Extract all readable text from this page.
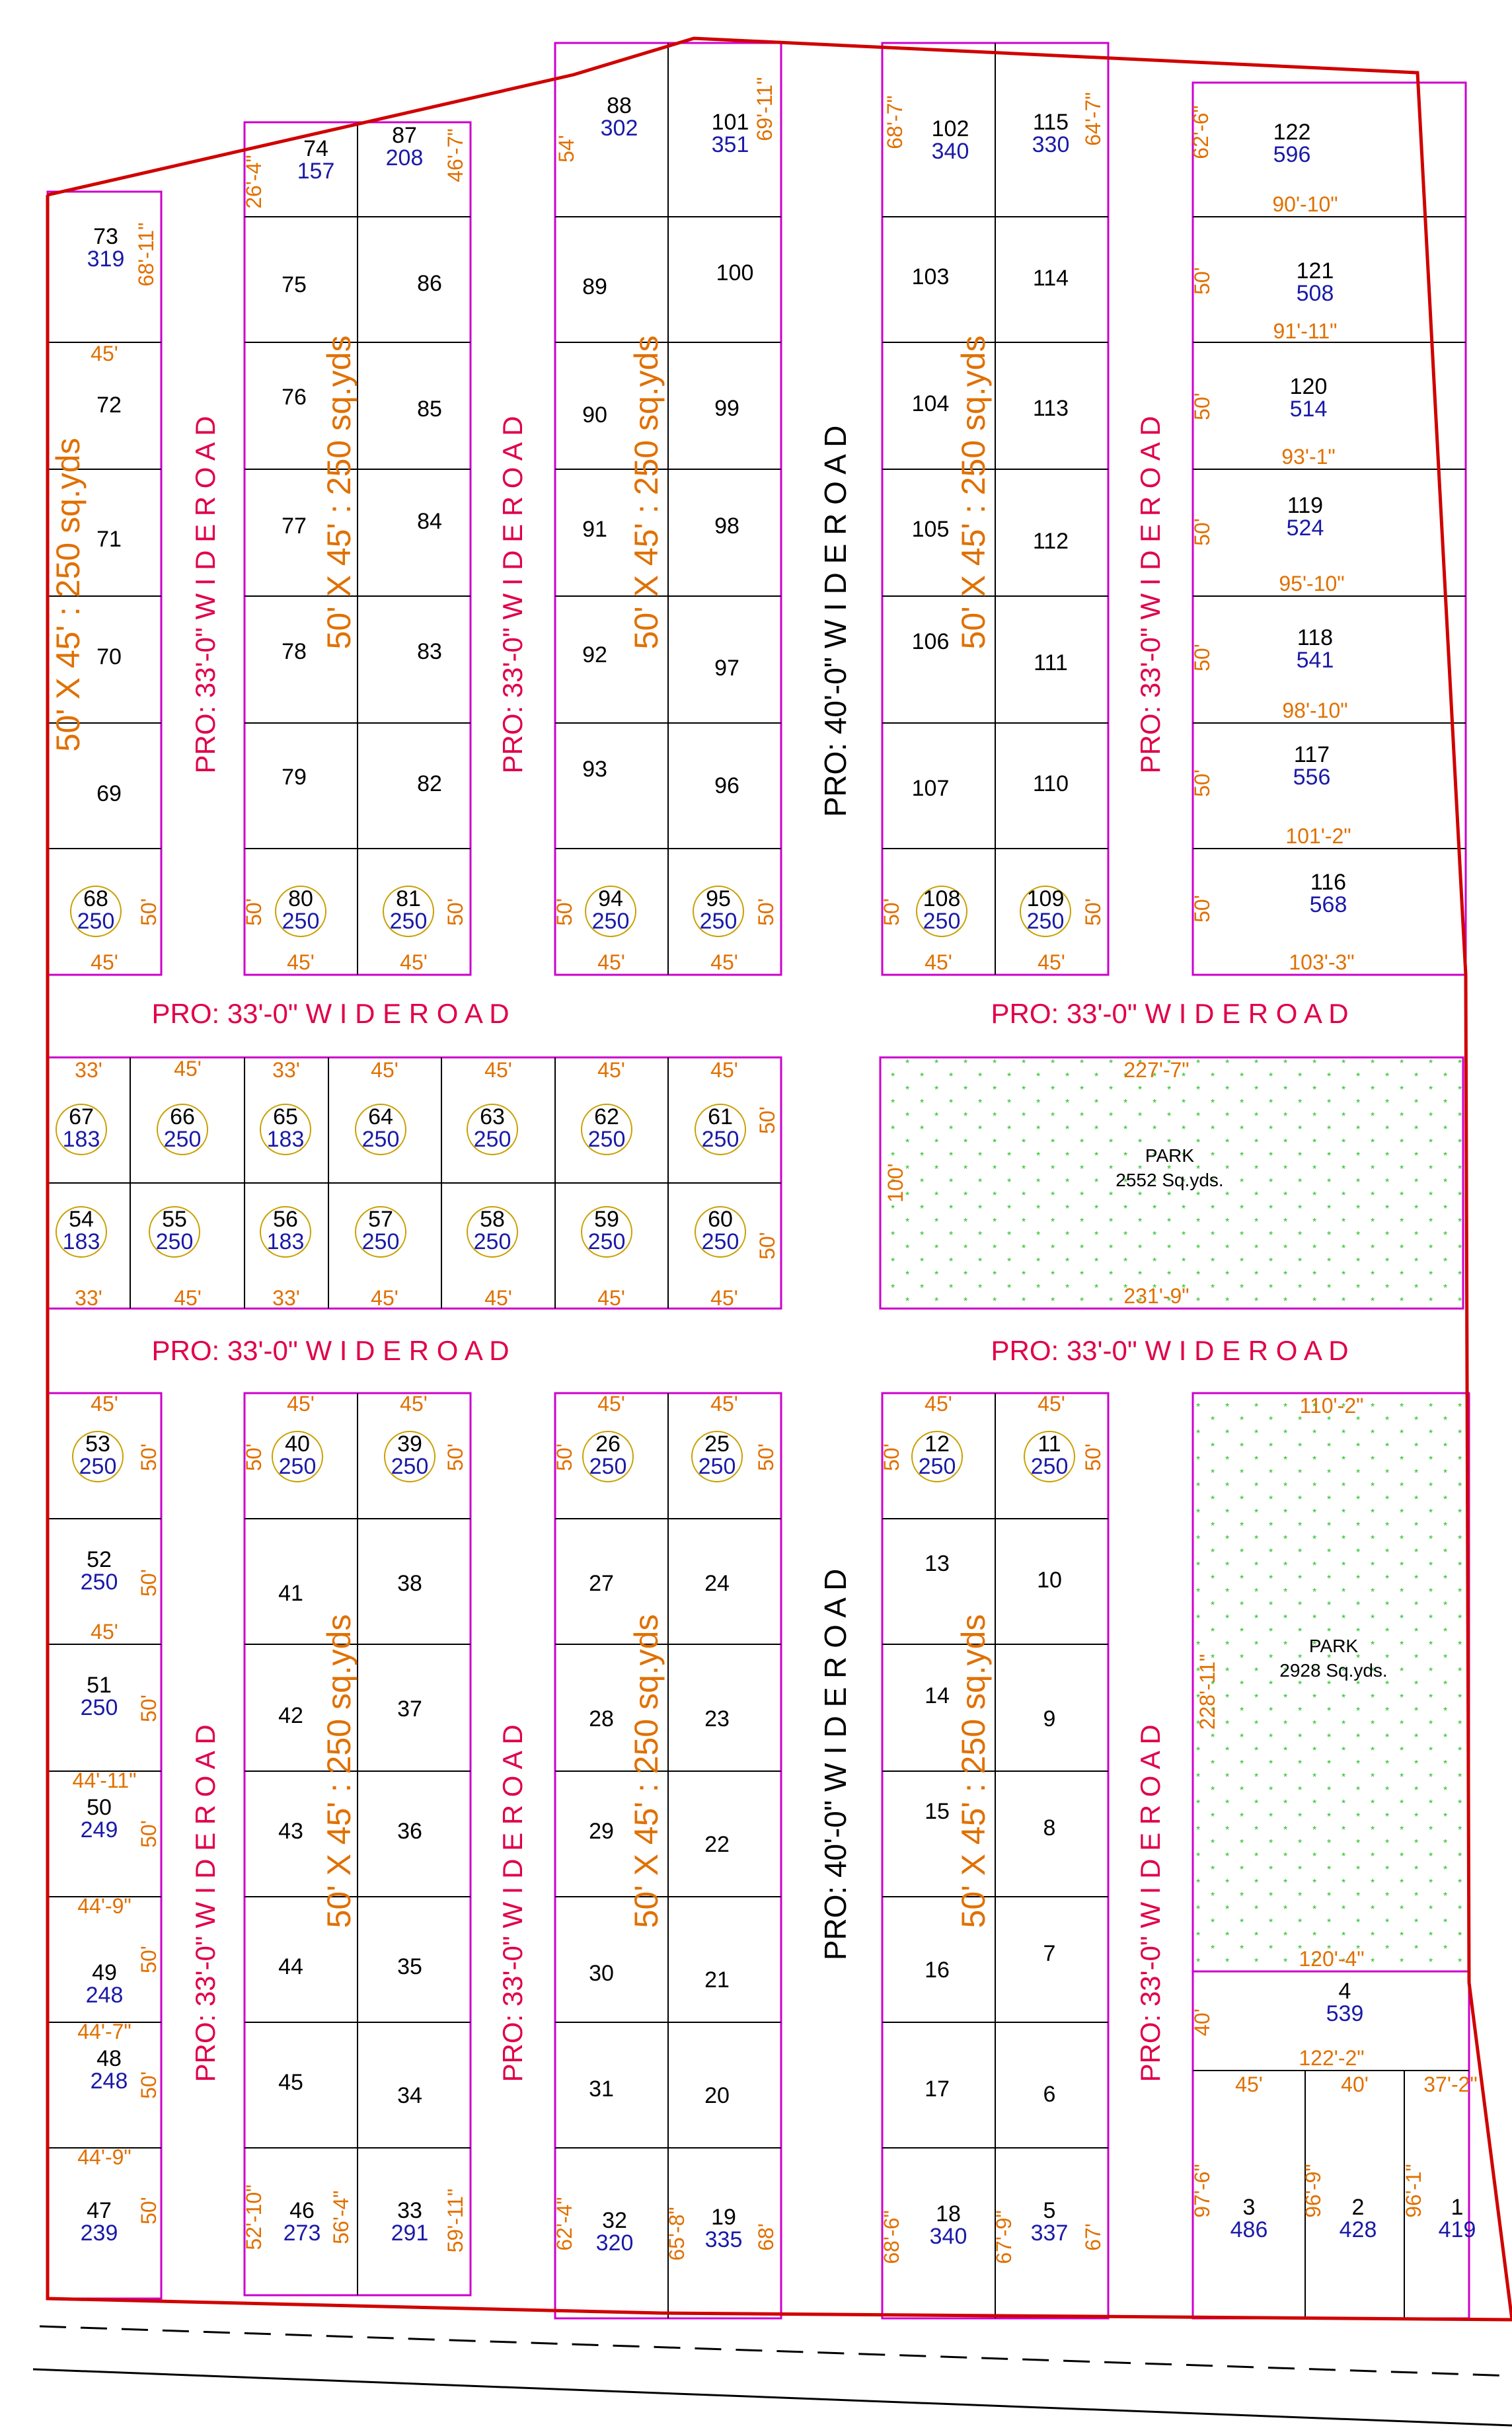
PARK
2552 Sq.yds.
227'-7"
231'-9"
100'
PARK
2928 Sq.yds.
110'-2"
120'-4"
228'-11"
PRO: 33'-0" W I D E R O A D	PRO: 33'-0" W I D E R O A D	PRO: 33'-0" W I D E R O A D
PRO: 33'-0" W I D E R O A D	PRO: 33'-0" W I D E R O A D
PRO: 33'-0" W I D E R O A D	PRO: 33'-0" W I D E R O A D
PRO: 33'-0" W I D E R O A D	PRO: 33'-0" W I D E R O A D	PRO: 33'-0" W I D E R O A D
PRO: 40'-0" W I D E R O A D
PRO: 40'-0" W I D E R O A D
50' X 45' : 250 sq.yds	50' X 45' : 250 sq.yds	50' X 45' : 250 sq.yds	50' X 45' : 250 sq.yds
50' X 45' : 250 sq.yds	50' X 45' : 250 sq.yds	50' X 45' : 250 sq.yds
90'-10"
91'-11"
93'-1"
95'-10"
98'-10"
101'-2"
103'-3"
62'-6"
50'
50'
50'
50'
50'
50'
68'-11"
45'
26'-4"	46'-7"	54'
69'-11"	68'-7"	64'-7"
45'	45'	45'	45'	45'	45'	45'
50'	50'	50'	50'	50'	50'	50'
33'	45'	33'	45'	45'	45'	45'
33'	45'	33'	45'	45'	45'	45'
50'
50'
45'	45'	45'	45'	45'	45'	45'
50'	50'	50'	50'	50'	50'	50'
50'
45'
50'
44'-11"
50'
44'-9"
50'
44'-7"
50'
44'-9"
50'	52'-10"	56'-4"	59'-11"	62'-4"	65'-8"	68'	68'-6"	67'-9"	67'
40'
122'-2"
45'	40'	37'-2"
97'-6"	96'-9"	96'-1" 1
419
2
428
3
486
4
539
5
337
6
7
8
9
10
11
250
12
250
13
14
15
16
17
18
340
19
335
20
21
22
23
24
25
250
26
250
27
28
29
30
31
32
320
33
291
34
35
36
37
38
39
250
40
250
41
42
43
44
45
46
273
47
239
48
248
49
248
50
249
51
250
52
250
53
250
54
183
55
250
56
183
57
250
58
250
59
250
60
250
61
250
62
250
63
250
64
250
65
183
66
250
67
183
68
250
69
70
71
72
73
319
74
157
75
76
77
78
79
80
250
81
250
82
83
84
85
86
87
208
88
302
89
90
91
92
93
94
250
95
250
96
97
98
99
100
101
351
102
340
103
104
105
106
107
108
250
109
250
110
111
112
113
114
115
330
116
568
117
556
118
541
119
524
120
514
121
508
122
596
